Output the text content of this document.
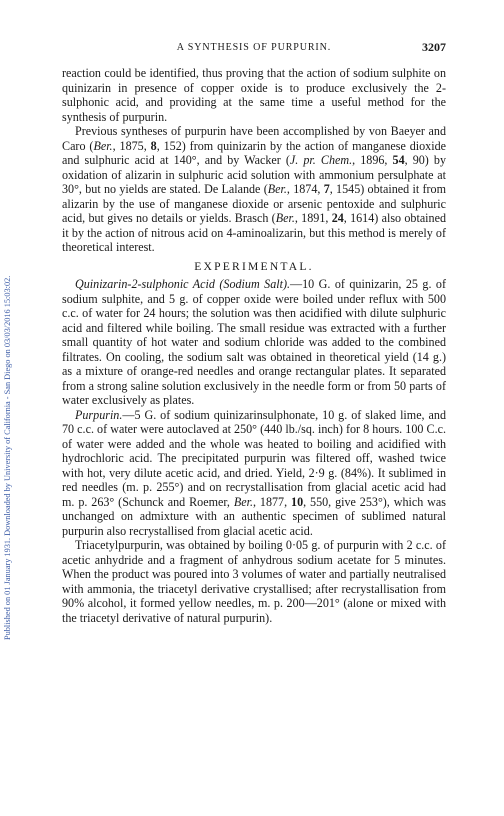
Published on 01 January 1931. Downloaded by University of California - San Diego on 03/03/2016 15:03:02.
A SYNTHESIS OF PURPURIN.	3207

reaction could be identified, thus proving that the action of sodium sulphite on quinizarin in presence of copper oxide is to produce exclusively the 2-sulphonic acid, and providing at the same time a useful method for the synthesis of purpurin.

Previous syntheses of purpurin have been accomplished by von Baeyer and Caro (Ber., 1875, 8, 152) from quinizarin by the action of manganese dioxide and sulphuric acid at 140°, and by Wacker (J. pr. Chem., 1896, 54, 90) by oxidation of alizarin in sulphuric acid solution with ammonium persulphate at 30°, but no yields are stated. De Lalande (Ber., 1874, 7, 1545) obtained it from alizarin by the use of manganese dioxide or arsenic pentoxide and sulphuric acid, but gives no details or yields. Brasch (Ber., 1891, 24, 1614) also obtained it by the action of nitrous acid on 4-aminoalizarin, but this method is merely of theoretical interest.

EXPERIMENTAL.

Quinizarin-2-sulphonic Acid (Sodium Salt).—10 G. of quinizarin, 25 g. of sodium sulphite, and 5 g. of copper oxide were boiled under reflux with 500 c.c. of water for 24 hours; the solution was then acidified with dilute sulphuric acid and filtered while boiling. The small residue was extracted with a further small quantity of hot water and sodium chloride was added to the combined filtrates. On cooling, the sodium salt was obtained in theoretical yield (14 g.) as a mixture of orange-red needles and orange rectangular plates. It separated from a strong saline solution exclusively in the needle form or from 50 parts of water exclusively as plates.

Purpurin.—5 G. of sodium quinizarinsulphonate, 10 g. of slaked lime, and 70 c.c. of water were autoclaved at 250° (440 lb./sq. inch) for 8 hours. 100 C.c. of water were added and the whole was heated to boiling and acidified with hydrochloric acid. The precipitated purpurin was filtered off, washed twice with hot, very dilute acetic acid, and dried. Yield, 2·9 g. (84%). It sublimed in red needles (m. p. 255°) and on recrystallisation from glacial acetic acid had m. p. 263° (Schunck and Roemer, Ber., 1877, 10, 550, give 253°), which was unchanged on admixture with an authentic specimen of sublimed natural purpurin also recrystallised from glacial acetic acid.

Triacetylpurpurin, was obtained by boiling 0·05 g. of purpurin with 2 c.c. of acetic anhydride and a fragment of anhydrous sodium acetate for 5 minutes. When the product was poured into 3 volumes of water and partially neutralised with ammonia, the triacetyl derivative crystallised; after recrystallisation from 90% alcohol, it formed yellow needles, m. p. 200—201° (alone or mixed with the triacetyl derivative of natural purpurin).
